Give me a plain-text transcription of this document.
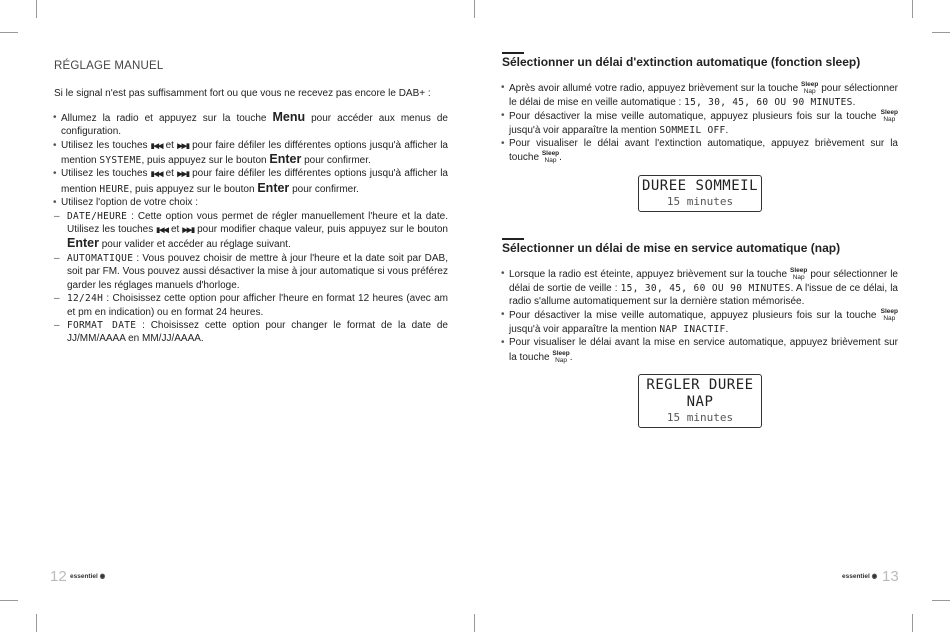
RÉGLAGE MANUEL

Si le signal n'est pas suffisamment fort ou que vous ne recevez pas encore le DAB+ :

• Allumez la radio et appuyez sur la touche Menu pour accéder aux menus de configuration.

• Utilisez les touches ▮◀◀ et ▶▶▮ pour faire défiler les différentes options jusqu'à afficher la mention SYSTEME, puis appuyez sur le bouton Enter pour confirmer.

• Utilisez les touches ▮◀◀ et ▶▶▮ pour faire défiler les différentes options jusqu'à afficher la mention HEURE, puis appuyez sur le bouton Enter pour confirmer.

• Utilisez l'option de votre choix :

– DATE/HEURE : Cette option vous permet de régler manuellement l'heure et la date. Utilisez les touches ▮◀◀ et ▶▶▮ pour modifier chaque valeur, puis appuyez sur le bouton Enter pour valider et accéder au réglage suivant.

– AUTOMATIQUE : Vous pouvez choisir de mettre à jour l'heure et la date soit par DAB, soit par FM. Vous pouvez aussi désactiver la mise à jour automatique si vous préférez garder les réglages manuels d'horloge.

– 12/24H : Choisissez cette option pour afficher l'heure en format 12 heures (avec am et pm en indication) ou en format 24 heures.

– FORMAT DATE : Choisissez cette option pour changer le format de la date de JJ/MM/AAAA en MM/JJ/AAAA.

Sélectionner un délai d'extinction automatique (fonction sleep)

• Après avoir allumé votre radio, appuyez brièvement sur la touche Sleep
Nap pour sélectionner le délai de mise en veille automatique : 15, 30, 45, 60 OU 90 MINUTES.

• Pour désactiver la mise veille automatique, appuyez plusieurs fois sur la touche Sleep
Nap
jusqu'à voir apparaître la mention SOMMEIL OFF.

• Pour visualiser le délai avant l'extinction automatique, appuyez brièvement sur la touche Sleep
Nap .

DUREE SOMMEIL
15 minutes
Sélectionner un délai de mise en service automatique (nap)

• Lorsque la radio est éteinte, appuyez brièvement sur la touche Sleep
Nap pour sélectionner le délai de sortie de veille : 15, 30, 45, 60 OU 90 MINUTES. A l'issue de ce délai, la radio s'allume automatiquement sur la dernière station mémorisée.

• Pour désactiver la mise veille automatique, appuyez plusieurs fois sur la touche Sleep
Nap
jusqu'à voir apparaître la mention NAP INACTIF.

• Pour visualiser le délai avant la mise en service automatique, appuyez brièvement sur la touche Sleep
Nap .

REGLER DUREE NAP
15 minutes
12 essentiel ◉	essentiel ◉ 13
